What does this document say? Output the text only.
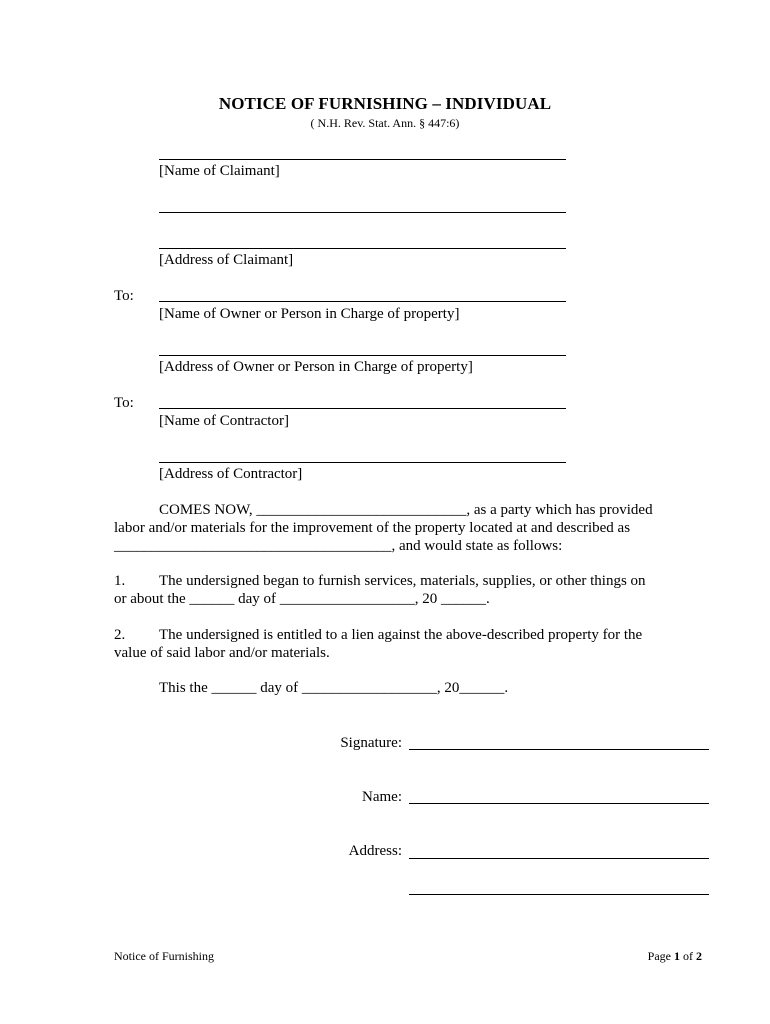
NOTICE OF FURNISHING – INDIVIDUAL
( N.H. Rev. Stat. Ann. § 447:6)
[Name of Claimant]
[Address of Claimant]
To:
[Name of Owner or Person in Charge of property]
[Address of Owner or Person in Charge of property]
To:
[Name of Contractor]
[Address of Contractor]
COMES NOW, ____________________________, as a party which has provided
labor and/or materials for the improvement of the property located at and described as
_____________________________________, and would state as follows:
1. The undersigned began to furnish services, materials, supplies, or other things on
or about the ______ day of __________________, 20 ______.
2. The undersigned is entitled to a lien against the above-described property for the
value of said labor and/or materials.
This the ______ day of __________________, 20______.
Signature:
Name:
Address:
Notice of Furnishing	Page 1 of 2
